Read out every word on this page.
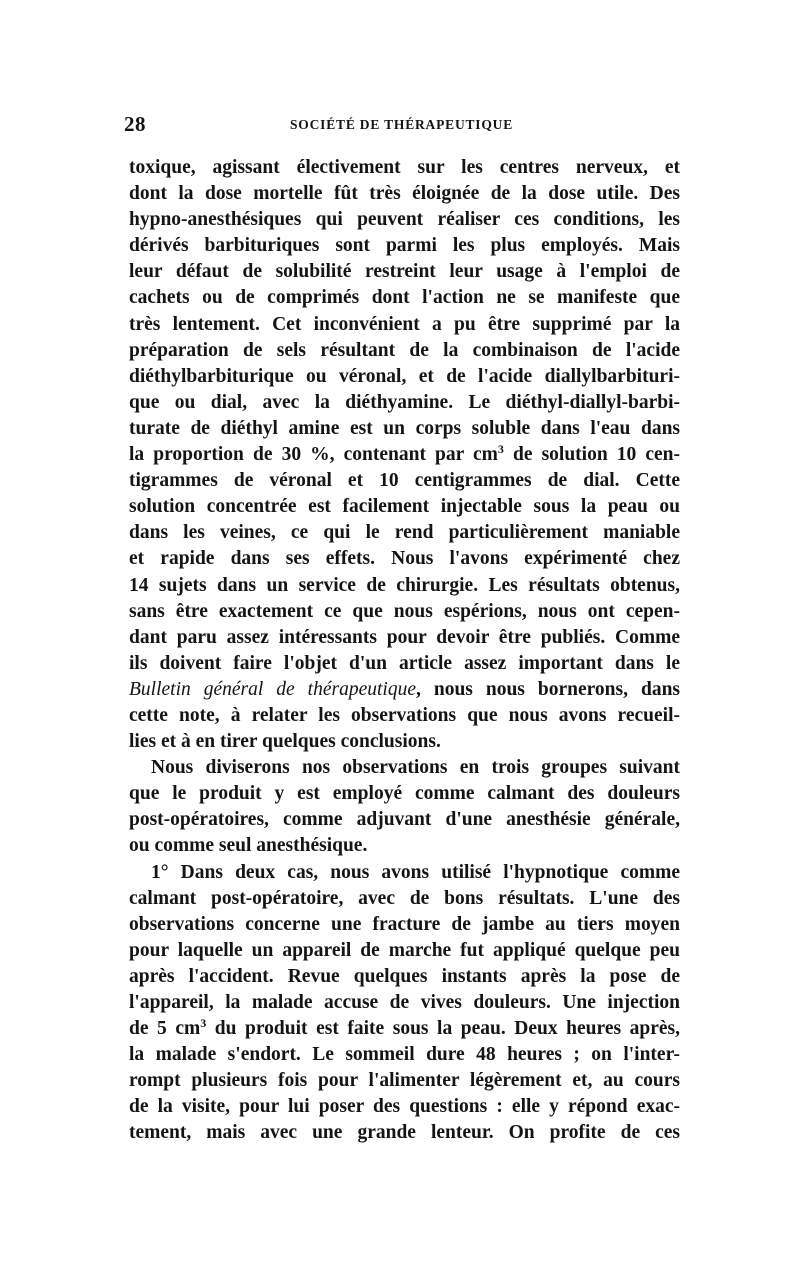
28	SOCIÉTÉ DE THÉRAPEUTIQUE
toxique, agissant électivement sur les centres nerveux, et
dont la dose mortelle fût très éloignée de la dose utile. Des
hypno-anesthésiques qui peuvent réaliser ces conditions, les
dérivés barbituriques sont parmi les plus employés. Mais
leur défaut de solubilité restreint leur usage à l'emploi de
cachets ou de comprimés dont l'action ne se manifeste que
très lentement. Cet inconvénient a pu être supprimé par la
préparation de sels résultant de la combinaison de l'acide
diéthylbarbiturique ou véronal, et de l'acide diallylbarbituri-
que ou dial, avec la diéthyamine. Le diéthyl-diallyl-barbi-
turate de diéthyl amine est un corps soluble dans l'eau dans
la proportion de 30 %, contenant par $cm^3$ de solution 10 cen-
tigrammes de véronal et 10 centigrammes de dial. Cette
solution concentrée est facilement injectable sous la peau ou
dans les veines, ce qui le rend particulièrement maniable
et rapide dans ses effets. Nous l'avons expérimenté chez
14 sujets dans un service de chirurgie. Les résultats obtenus,
sans être exactement ce que nous espérions, nous ont cepen-
dant paru assez intéressants pour devoir être publiés. Comme
ils doivent faire l'objet d'un article assez important dans le
Bulletin général de thérapeutique, nous nous bornerons, dans
cette note, à relater les observations que nous avons recueil-
lies et à en tirer quelques conclusions.
Nous diviserons nos observations en trois groupes suivant
que le produit y est employé comme calmant des douleurs
post-opératoires, comme adjuvant d'une anesthésie générale,
ou comme seul anesthésique.
1° Dans deux cas, nous avons utilisé l'hypnotique comme
calmant post-opératoire, avec de bons résultats. L'une des
observations concerne une fracture de jambe au tiers moyen
pour laquelle un appareil de marche fut appliqué quelque peu
après l'accident. Revue quelques instants après la pose de
l'appareil, la malade accuse de vives douleurs. Une injection
de 5 $cm^3$ du produit est faite sous la peau. Deux heures après,
la malade s'endort. Le sommeil dure 48 heures ; on l'inter-
rompt plusieurs fois pour l'alimenter légèrement et, au cours
de la visite, pour lui poser des questions : elle y répond exac-
tement, mais avec une grande lenteur. On profite de ces
